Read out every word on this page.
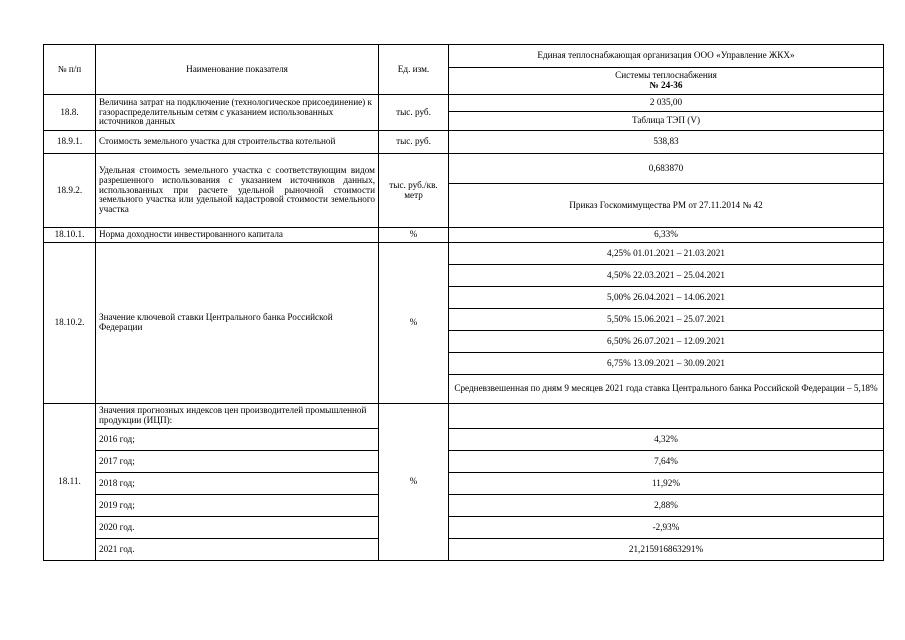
№ п/п	Наименование показателя	Ед. изм.	Единая теплоснабжающая организация ООО «Управление ЖКХ»

			Системы теплоснабжения
№ 24-36

18.8.	Величина затрат на подключение (технологическое присоединение) к газораспределительным сетям с указанием использованных источников данных	тыс. руб.	2 035,00
			Таблица ТЭП (V)
18.9.1.	Стоимость земельного участка для строительства котельной	тыс. руб.	538,83
18.9.2.	Удельная стоимость земельного участка с соответствующим видом разрешенного использования с указанием источников данных, использованных при расчете удельной рыночной стоимости земельного участка или удельной кадастровой стоимости земельного участка	тыс. руб./кв. метр	0,683870
			Приказ Госкомимущества РМ от 27.11.2014 № 42
18.10.1.	Норма доходности инвестированного капитала	%	6,33%
18.10.2.	Значение ключевой ставки Центрального банка Российской Федерации	%	4,25% 01.01.2021 – 21.03.2021
			4,50% 22.03.2021 – 25.04.2021
			5,00% 26.04.2021 – 14.06.2021
			5,50% 15.06.2021 – 25.07.2021
			6,50% 26.07.2021 – 12.09.2021
			6,75% 13.09.2021 – 30.09.2021
			Средневзвешенная по дням 9 месяцев 2021 года ставка Центрального банка Российской Федерации – 5,18%
18.11.	Значения прогнозных индексов цен производителей промышленной продукции (ИЦП):	%	
	2016 год;		4,32%
	2017 год;		7,64%
	2018 год;		11,92%
	2019 год;		2,88%
	2020 год.		-2,93%
	2021 год.		21,215916863291%
